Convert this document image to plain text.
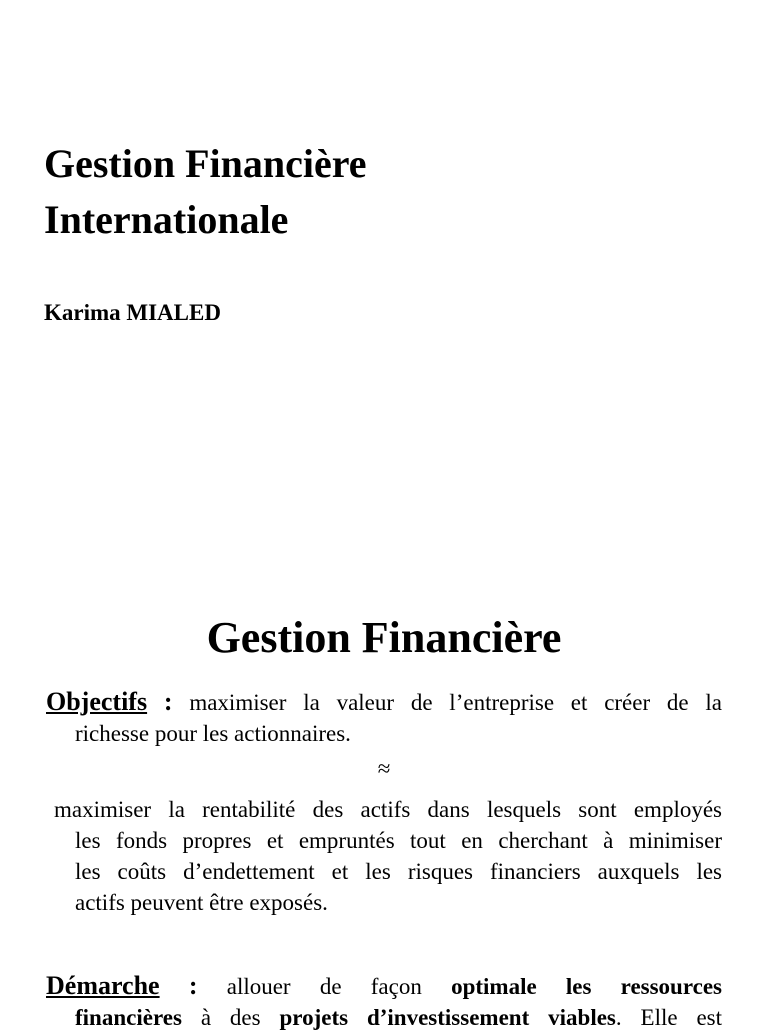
Gestion Financière
Internationale

Karima MIALED

Gestion Financière

Objectifs : maximiser la valeur de l’entreprise et créer de la
richesse pour les actionnaires.

≈

maximiser la rentabilité des actifs dans lesquels sont employés
les fonds propres et empruntés tout en cherchant à minimiser
les coûts d’endettement et les risques financiers auxquels les
actifs peuvent être exposés.

Démarche : allouer de façon optimale les ressources
financières à des projets d’investissement viables. Elle est
